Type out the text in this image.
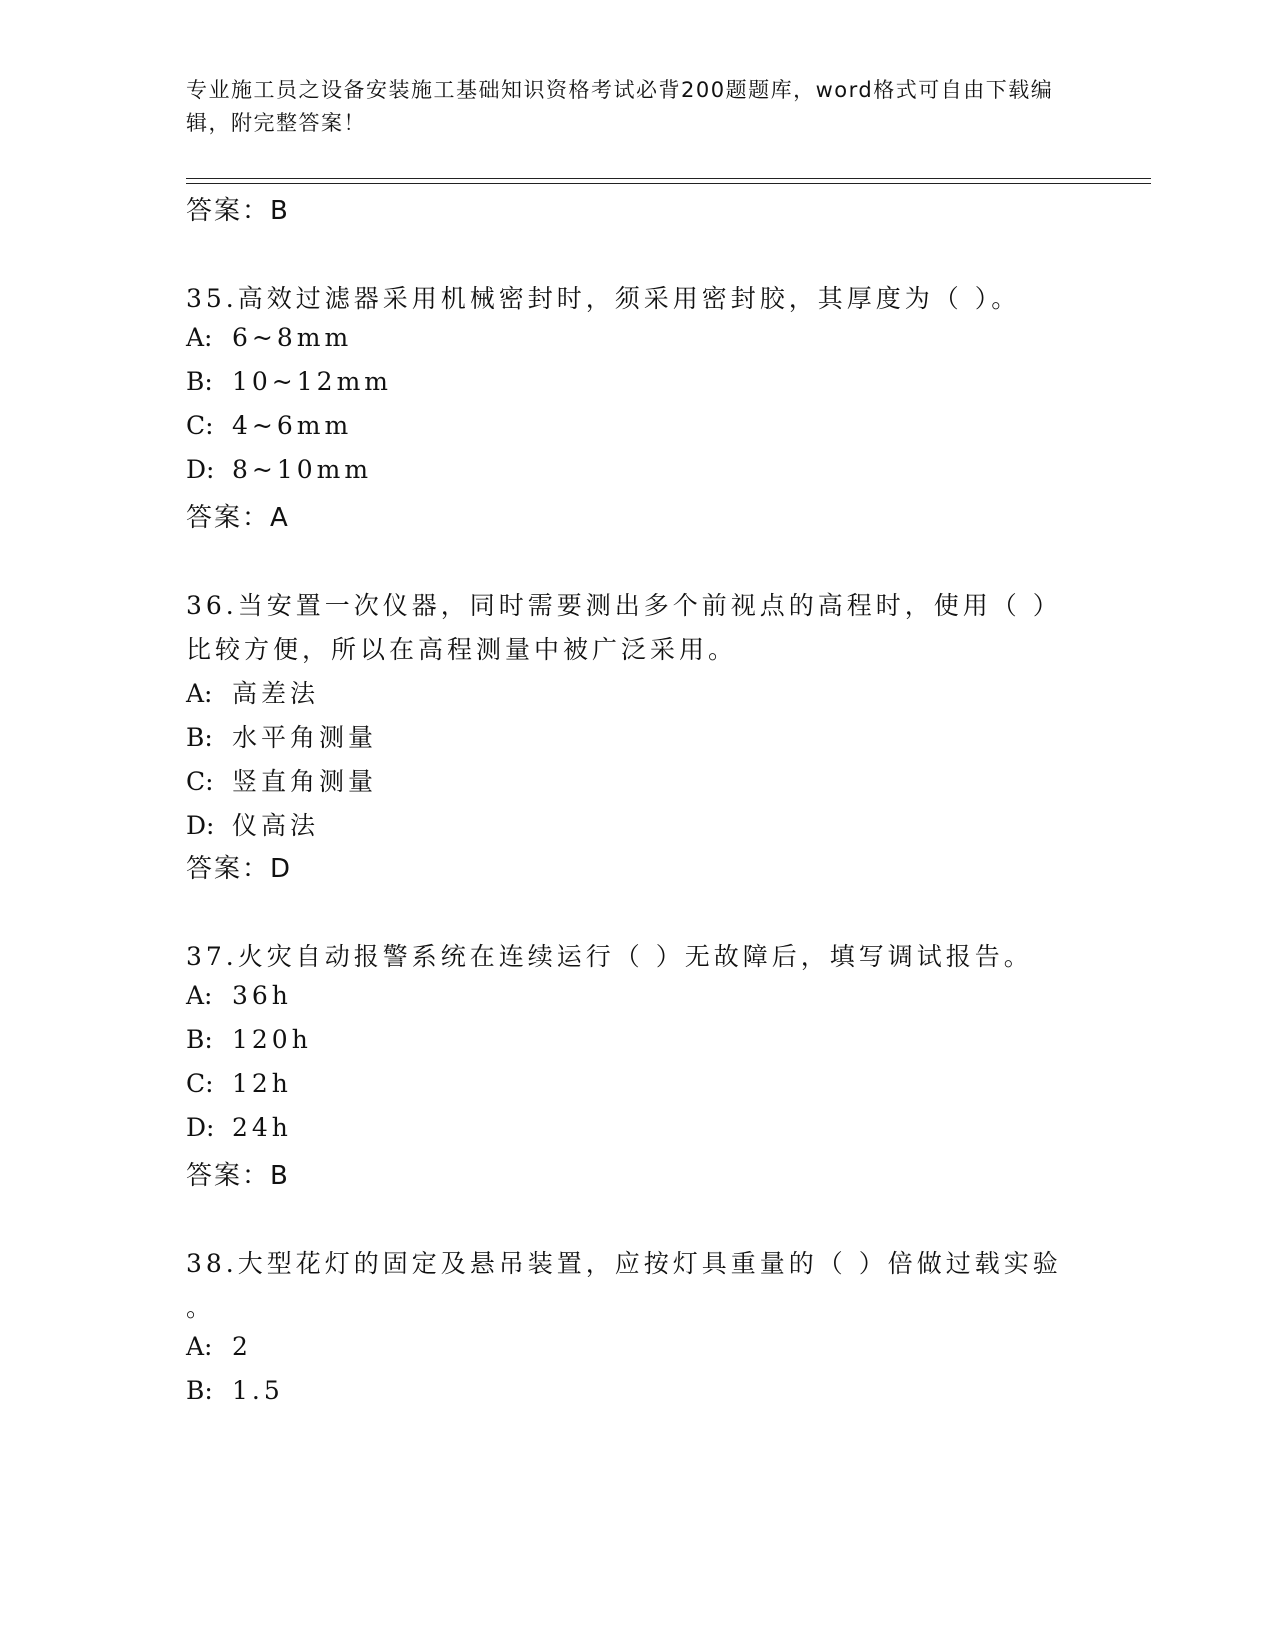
专业施工员之设备安装施工基础知识资格考试必背200题题库，word格式可自由下载编辑，附完整答案！
答案：B
35.高效过滤器采用机械密封时，须采用密封胶，其厚度为（ ）。
A: 6~8mm
B: 10~12mm
C: 4~6mm
D: 8~10mm
答案：A
36.当安置一次仪器，同时需要测出多个前视点的高程时，使用（ ）
比较方便，所以在高程测量中被广泛采用。
A: 高差法
B: 水平角测量
C: 竖直角测量
D: 仪高法
答案：D
37.火灾自动报警系统在连续运行（ ）无故障后，填写调试报告。
A: 36h
B: 120h
C: 12h
D: 24h
答案：B
38.大型花灯的固定及悬吊装置，应按灯具重量的（ ）倍做过载实验
。
A: 2
B: 1.5
